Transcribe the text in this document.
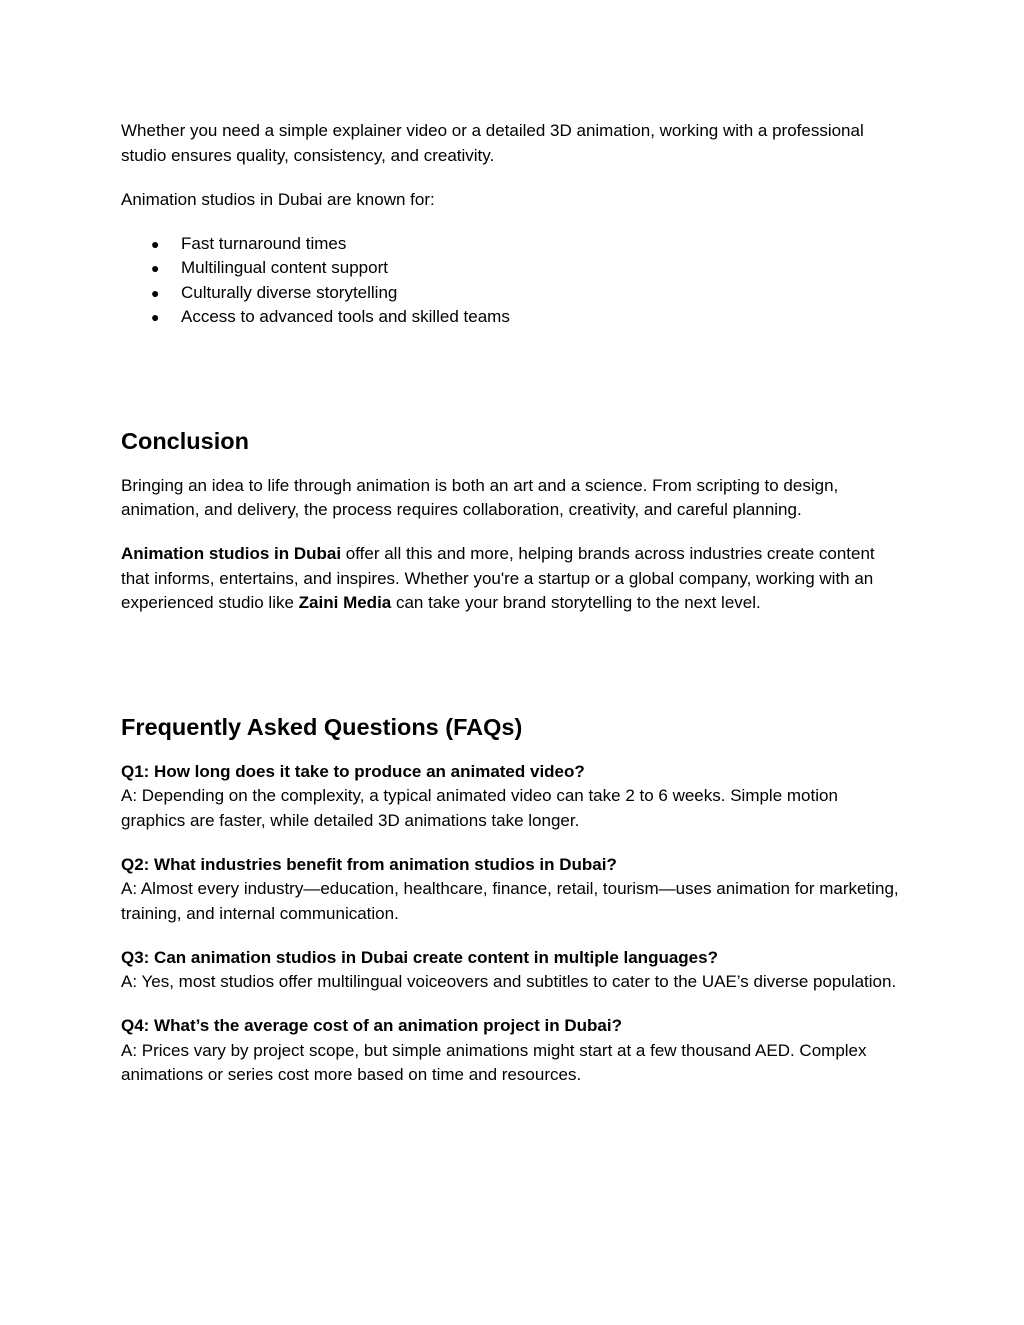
Whether you need a simple explainer video or a detailed 3D animation, working with a professional studio ensures quality, consistency, and creativity.

Animation studios in Dubai are known for:

● Fast turnaround times
● Multilingual content support
● Culturally diverse storytelling
● Access to advanced tools and skilled teams
Conclusion

Bringing an idea to life through animation is both an art and a science. From scripting to design, animation, and delivery, the process requires collaboration, creativity, and careful planning.

Animation studios in Dubai offer all this and more, helping brands across industries create content that informs, entertains, and inspires. Whether you're a startup or a global company, working with an experienced studio like Zaini Media can take your brand storytelling to the next level.

Frequently Asked Questions (FAQs)

Q1: How long does it take to produce an animated video?

A: Depending on the complexity, a typical animated video can take 2 to 6 weeks. Simple motion graphics are faster, while detailed 3D animations take longer.

Q2: What industries benefit from animation studios in Dubai?

A: Almost every industry—education, healthcare, finance, retail, tourism—uses animation for marketing, training, and internal communication.

Q3: Can animation studios in Dubai create content in multiple languages?

A: Yes, most studios offer multilingual voiceovers and subtitles to cater to the UAE’s diverse population.

Q4: What’s the average cost of an animation project in Dubai?

A: Prices vary by project scope, but simple animations might start at a few thousand AED. Complex animations or series cost more based on time and resources.
